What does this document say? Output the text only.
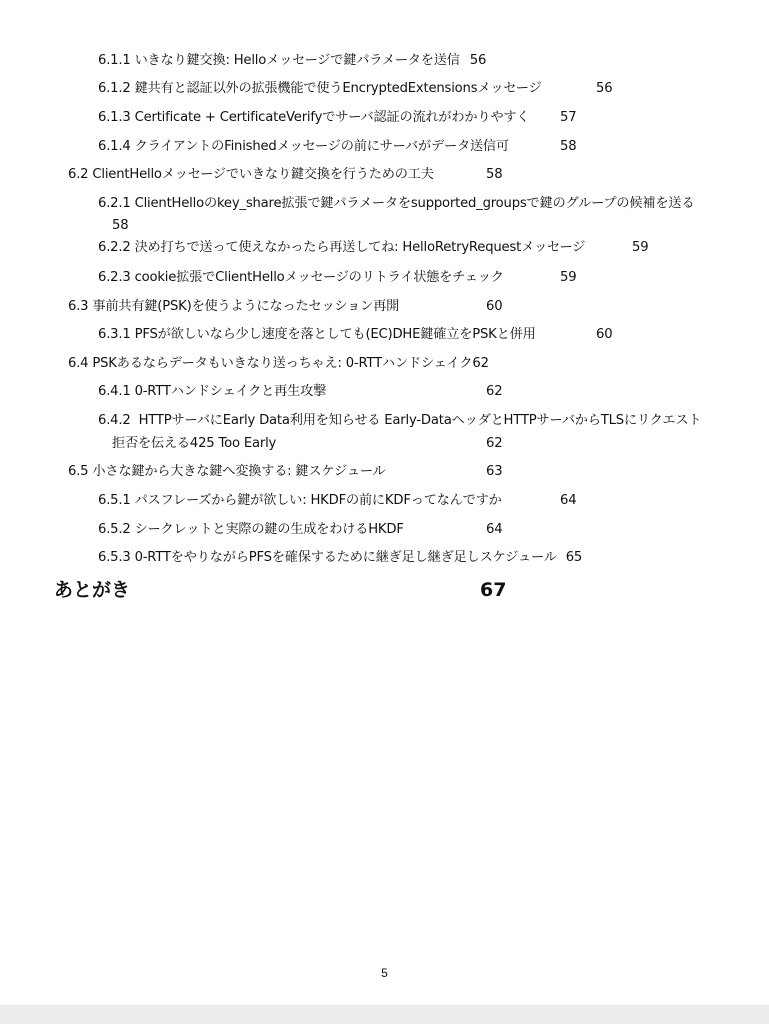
6.1.1 いきなり鍵交換: Helloメッセージで鍵パラメータを送信 56
6.1.2 鍵共有と認証以外の拡張機能で使うEncryptedExtensionsメッセージ	56
6.1.3 Certificate + CertificateVerifyでサーバ認証の流れがわかりやすく 57
6.1.4 クライアントのFinishedメッセージの前にサーバがデータ送信可	58
6.2 ClientHelloメッセージでいきなり鍵交換を行うための工夫	58
6.2.1 ClientHelloのkey_share拡張で鍵パラメータをsupported_groupsで鍵のグループの候補を送る
58
6.2.2 決め打ちで送って使えなかったら再送してね: HelloRetryRequestメッセージ	59
6.2.3 cookie拡張でClientHelloメッセージのリトライ状態をチェック	59
6.3 事前共有鍵(PSK)を使うようになったセッション再開	60
6.3.1 PFSが欲しいなら少し速度を落としても(EC)DHE鍵確立をPSKと併用	60
6.4 PSKあるならデータもいきなり送っちゃえ: 0-RTTハンドシェイク62
6.4.1 0-RTTハンドシェイクと再生攻撃	62
6.4.2 HTTPサーバにEarly Data利用を知らせる Early-DataヘッダとHTTPサーバからTLSにリクエスト
拒否を伝える425 Too Early	62
6.5 小さな鍵から大きな鍵へ変換する: 鍵スケジュール	63
6.5.1 パスフレーズから鍵が欲しい: HKDFの前にKDFってなんですか	64
6.5.2 シークレットと実際の鍵の生成をわけるHKDF	64
6.5.3 0-RTTをやりながらPFSを確保するために継ぎ足し継ぎ足しスケジュール 65
あとがき	67
5
